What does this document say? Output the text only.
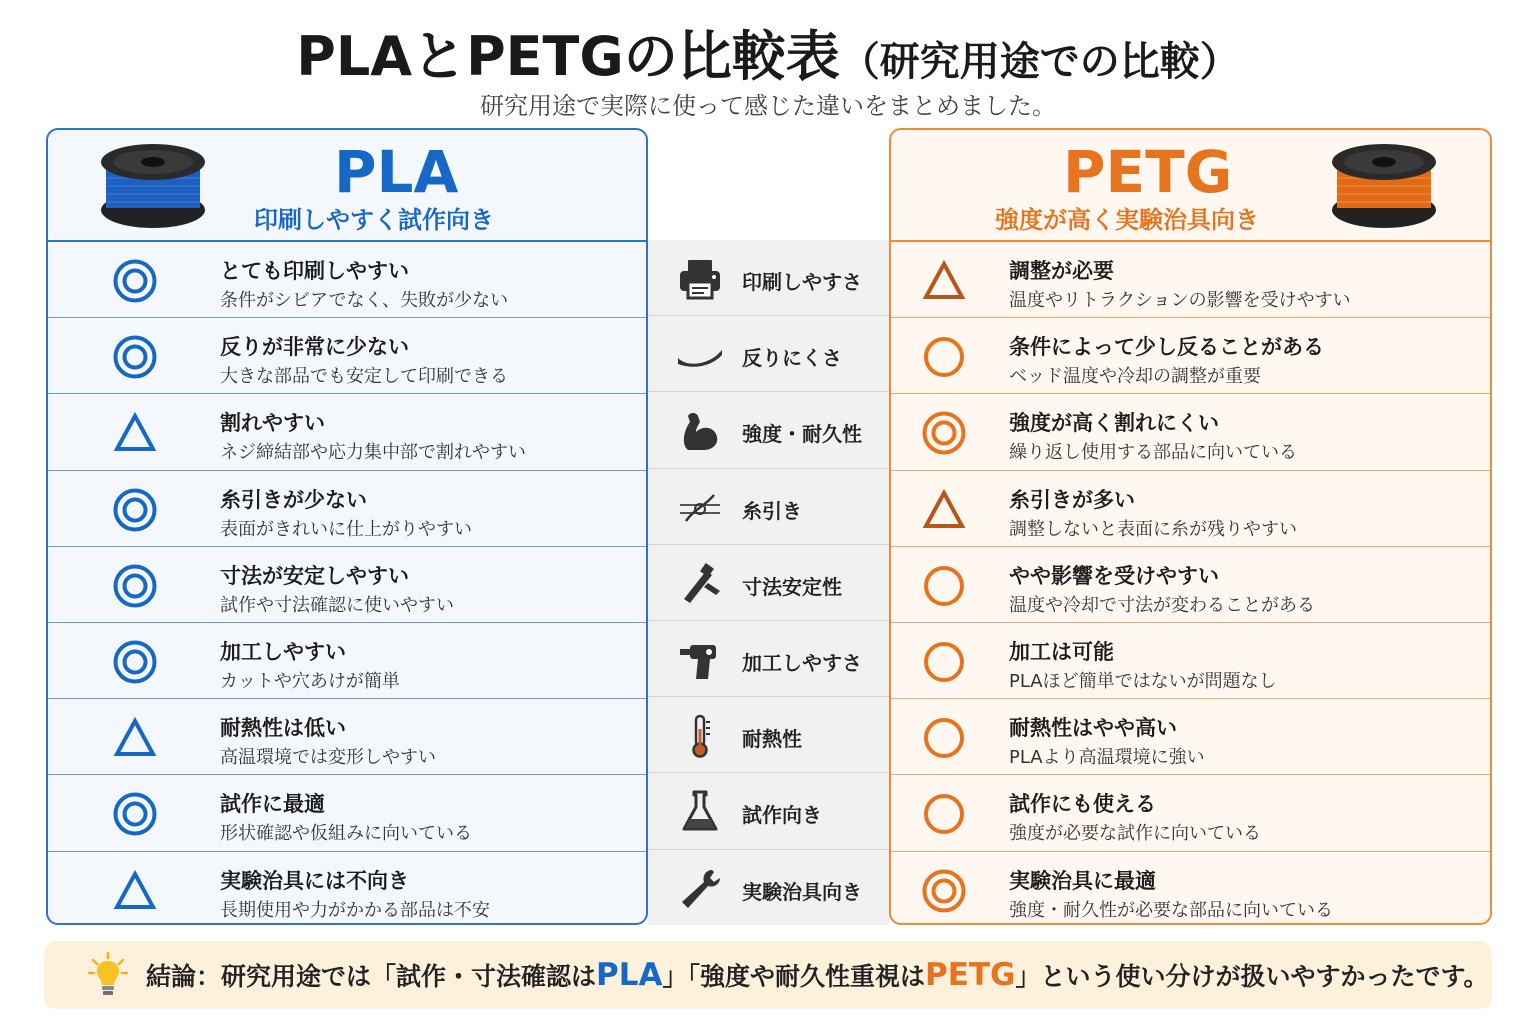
PLAとPETGの比較表（研究用途での比較）
研究用途で実際に使って感じた違いをまとめました。
PLA
印刷しやすく試作向き
とても印刷しやすい
条件がシビアでなく、失敗が少ない
反りが非常に少ない
大きな部品でも安定して印刷できる
割れやすい
ネジ締結部や応力集中部で割れやすい
糸引きが少ない
表面がきれいに仕上がりやすい
寸法が安定しやすい
試作や寸法確認に使いやすい
加工しやすい
カットや穴あけが簡単
耐熱性は低い
高温環境では変形しやすい
試作に最適
形状確認や仮組みに向いている
実験治具には不向き
長期使用や力がかかる部品は不安
印刷しやすさ
反りにくさ
強度・耐久性
糸引き
寸法安定性
加工しやすさ
耐熱性
試作向き
実験治具向き
PETG
強度が高く実験治具向き
調整が必要
温度やリトラクションの影響を受けやすい
条件によって少し反ることがある
ベッド温度や冷却の調整が重要
強度が高く割れにくい
繰り返し使用する部品に向いている
糸引きが多い
調整しないと表面に糸が残りやすい
やや影響を受けやすい
温度や冷却で寸法が変わることがある
加工は可能
PLAほど簡単ではないが問題なし
耐熱性はやや高い
PLAより高温環境に強い
試作にも使える
強度が必要な試作に向いている
実験治具に最適
強度・耐久性が必要な部品に向いている
結論：研究用途では「試作・寸法確認はPLA」「強度や耐久性重視はPETG」という使い分けが扱いやすかったです。
